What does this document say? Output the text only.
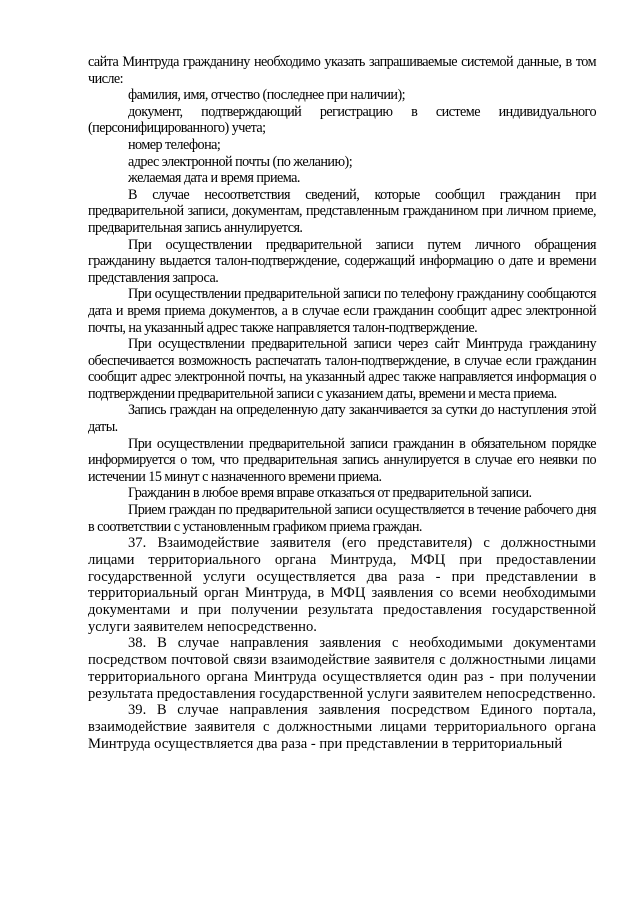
сайта Минтруда гражданину необходимо указать запрашиваемые системой данные, в том числе:

фамилия, имя, отчество (последнее при наличии);

документ, подтверждающий регистрацию в системе индивидуального (персонифицированного) учета;

номер телефона;

адрес электронной почты (по желанию);

желаемая дата и время приема.

В случае несоответствия сведений, которые сообщил гражданин при предварительной записи, документам, представленным гражданином при личном приеме, предварительная запись аннулируется.

При осуществлении предварительной записи путем личного обращения гражданину выдается талон-подтверждение, содержащий информацию о дате и времени представления запроса.

При осуществлении предварительной записи по телефону гражданину сообщаются дата и время приема документов, а в случае если гражданин сообщит адрес электронной почты, на указанный адрес также направляется талон-подтверждение.

При осуществлении предварительной записи через сайт Минтруда гражданину обеспечивается возможность распечатать талон-подтверждение, в случае если гражданин сообщит адрес электронной почты, на указанный адрес также направляется информация о подтверждении предварительной записи с указанием даты, времени и места приема.

Запись граждан на определенную дату заканчивается за сутки до наступления этой даты.

При осуществлении предварительной записи гражданин в обязательном порядке информируется о том, что предварительная запись аннулируется в случае его неявки по истечении 15 минут с назначенного времени приема.

Гражданин в любое время вправе отказаться от предварительной записи.

Прием граждан по предварительной записи осуществляется в течение рабочего дня в соответствии с установленным графиком приема граждан.

37. Взаимодействие заявителя (его представителя) с должностными лицами территориального органа Минтруда, МФЦ при предоставлении государственной услуги осуществляется два раза - при представлении в территориальный орган Минтруда, в МФЦ заявления со всеми необходимыми документами и при получении результата предоставления государственной услуги заявителем непосредственно.

38. В случае направления заявления с необходимыми документами посредством почтовой связи взаимодействие заявителя с должностными лицами территориального органа Минтруда осуществляется один раз - при получении результата предоставления государственной услуги заявителем непосредственно.

39. В случае направления заявления посредством Единого портала, взаимодействие заявителя с должностными лицами территориального органа Минтруда осуществляется два раза - при представлении в территориальный
